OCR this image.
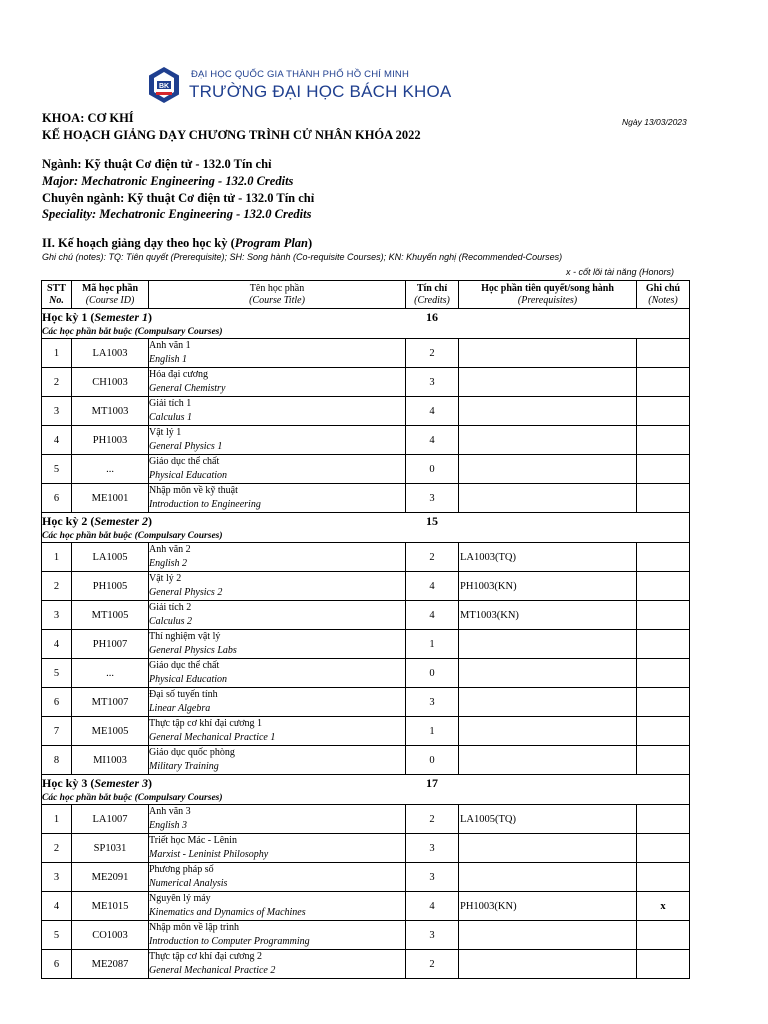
BK
ĐẠI HỌC QUỐC GIA THÀNH PHỐ HỒ CHÍ MINH
TRƯỜNG ĐẠI HỌC BÁCH KHOA
Ngày 13/03/2023
KHOA: CƠ KHÍ
KẾ HOẠCH GIẢNG DẠY CHƯƠNG TRÌNH CỬ NHÂN KHÓA 2022
Ngành: Kỹ thuật Cơ điện tử - 132.0 Tín chỉ
Major: Mechatronic Engineering - 132.0 Credits
Chuyên ngành: Kỹ thuật Cơ điện tử - 132.0 Tín chỉ
Speciality: Mechatronic Engineering - 132.0 Credits
II. Kế hoạch giảng dạy theo học kỳ (Program Plan)
Ghi chú (notes): TQ: Tiên quyết (Prerequisite); SH: Song hành (Co-requisite Courses); KN: Khuyến nghị (Recommended-Courses)
x - cốt lõi tài năng (Honors)
STT
No.	Mã học phần
(Course ID)	Tên học phần
(Course Title)	Tín chỉ
(Credits)	Học phần tiên quyết/song hành
(Prerequisites)	Ghi chú
(Notes)
Học kỳ 1 (Semester 1)			16		
Các học phần bắt buộc (Compulsary Courses)					
1	LA1003	Anh văn 1
English 1	2		
2	CH1003	Hóa đại cương
General Chemistry	3		
3	MT1003	Giải tích 1
Calculus 1	4		
4	PH1003	Vật lý 1
General Physics 1	4		
5	...	Giáo dục thể chất
Physical Education	0		
6	ME1001	Nhập môn về kỹ thuật
Introduction to Engineering	3		
Học kỳ 2 (Semester 2)			15		
Các học phần bắt buộc (Compulsary Courses)					
1	LA1005	Anh văn 2
English 2	2	LA1003(TQ)	
2	PH1005	Vật lý 2
General Physics 2	4	PH1003(KN)	
3	MT1005	Giải tích 2
Calculus 2	4	MT1003(KN)	
4	PH1007	Thí nghiệm vật lý
General Physics Labs	1		
5	...	Giáo dục thể chất
Physical Education	0		
6	MT1007	Đại số tuyến tính
Linear Algebra	3		
7	ME1005	Thực tập cơ khí đại cương 1
General Mechanical Practice 1	1		
8	MI1003	Giáo dục quốc phòng
Military Training	0		
Học kỳ 3 (Semester 3)			17		
Các học phần bắt buộc (Compulsary Courses)					
1	LA1007	Anh văn 3
English 3	2	LA1005(TQ)	
2	SP1031	Triết học Mác - Lênin
Marxist - Leninist Philosophy	3		
3	ME2091	Phương pháp số
Numerical Analysis	3		
4	ME1015	Nguyên lý máy
Kinematics and Dynamics of Machines	4	PH1003(KN)	x
5	CO1003	Nhập môn về lập trình
Introduction to Computer Programming	3		
6	ME2087	Thực tập cơ khí đại cương 2
General Mechanical Practice 2	2		
